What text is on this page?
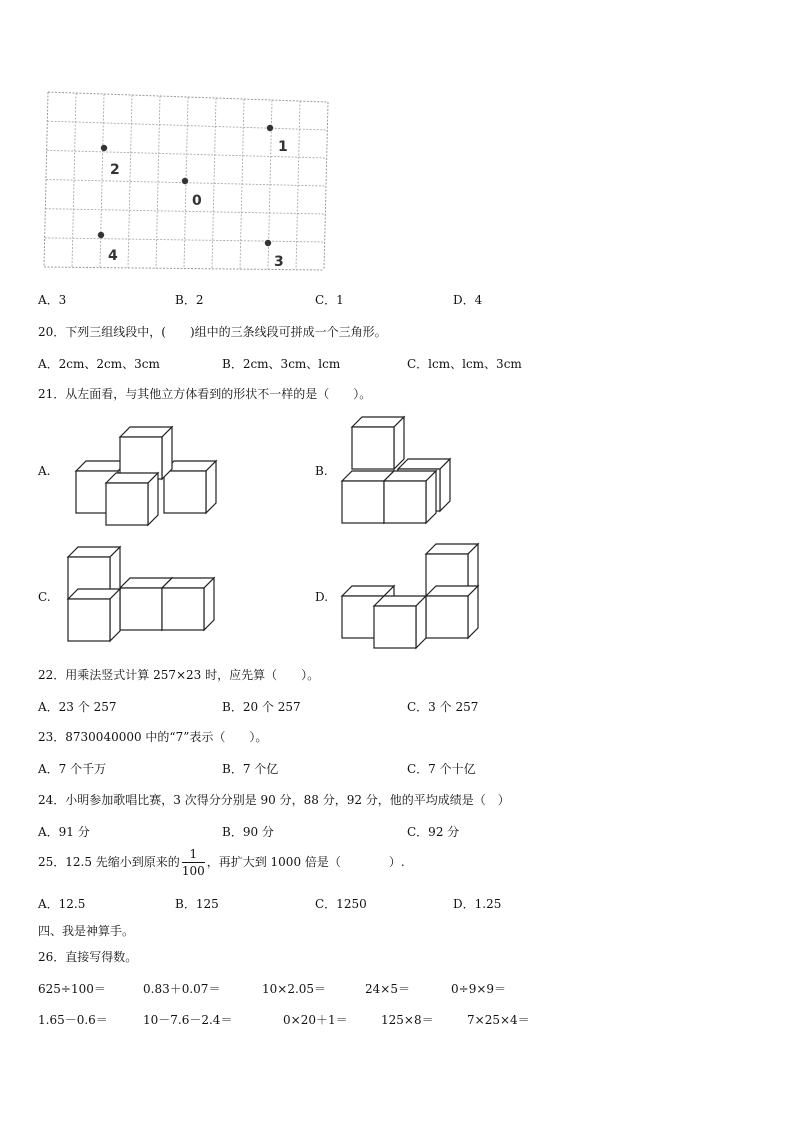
1
2
0
4	3
A．3	B．2	C．1	D．4
20．下列三组线段中，(　　)组中的三条线段可拼成一个三角形。
A．2cm、2cm、3cm	B．2cm、3cm、lcm	C．lcm、lcm、3cm
21．从左面看，与其他立方体看到的形状不一样的是（　　）。
A.	B.
C.	D.
22．用乘法竖式计算 257×23 时，应先算（　　）。
A．23 个 257	B．20 个 257	C．3 个 257
23．8730040000 中的“7”表示（　　）。
A．7 个千万	B．7 个亿	C．7 个十亿
24．小明参加歌唱比赛，3 次得分分别是 90 分，88 分，92 分，他的平均成绩是（　）
A．91 分	B．90 分	C．92 分
25．12.5 先缩小到原来的 $\frac{1}{100}$ ，再扩大到 1000 倍是（　　　　）.
A．12.5	B．125	C．1250	D．1.25
四、我是神算手。
26．直接写得数。
625÷100＝	0.83＋0.07＝	10×2.05＝	24×5＝	0÷9×9＝
1.65－0.6＝	10－7.6－2.4＝	0×20＋1＝	125×8＝	7×25×4＝
